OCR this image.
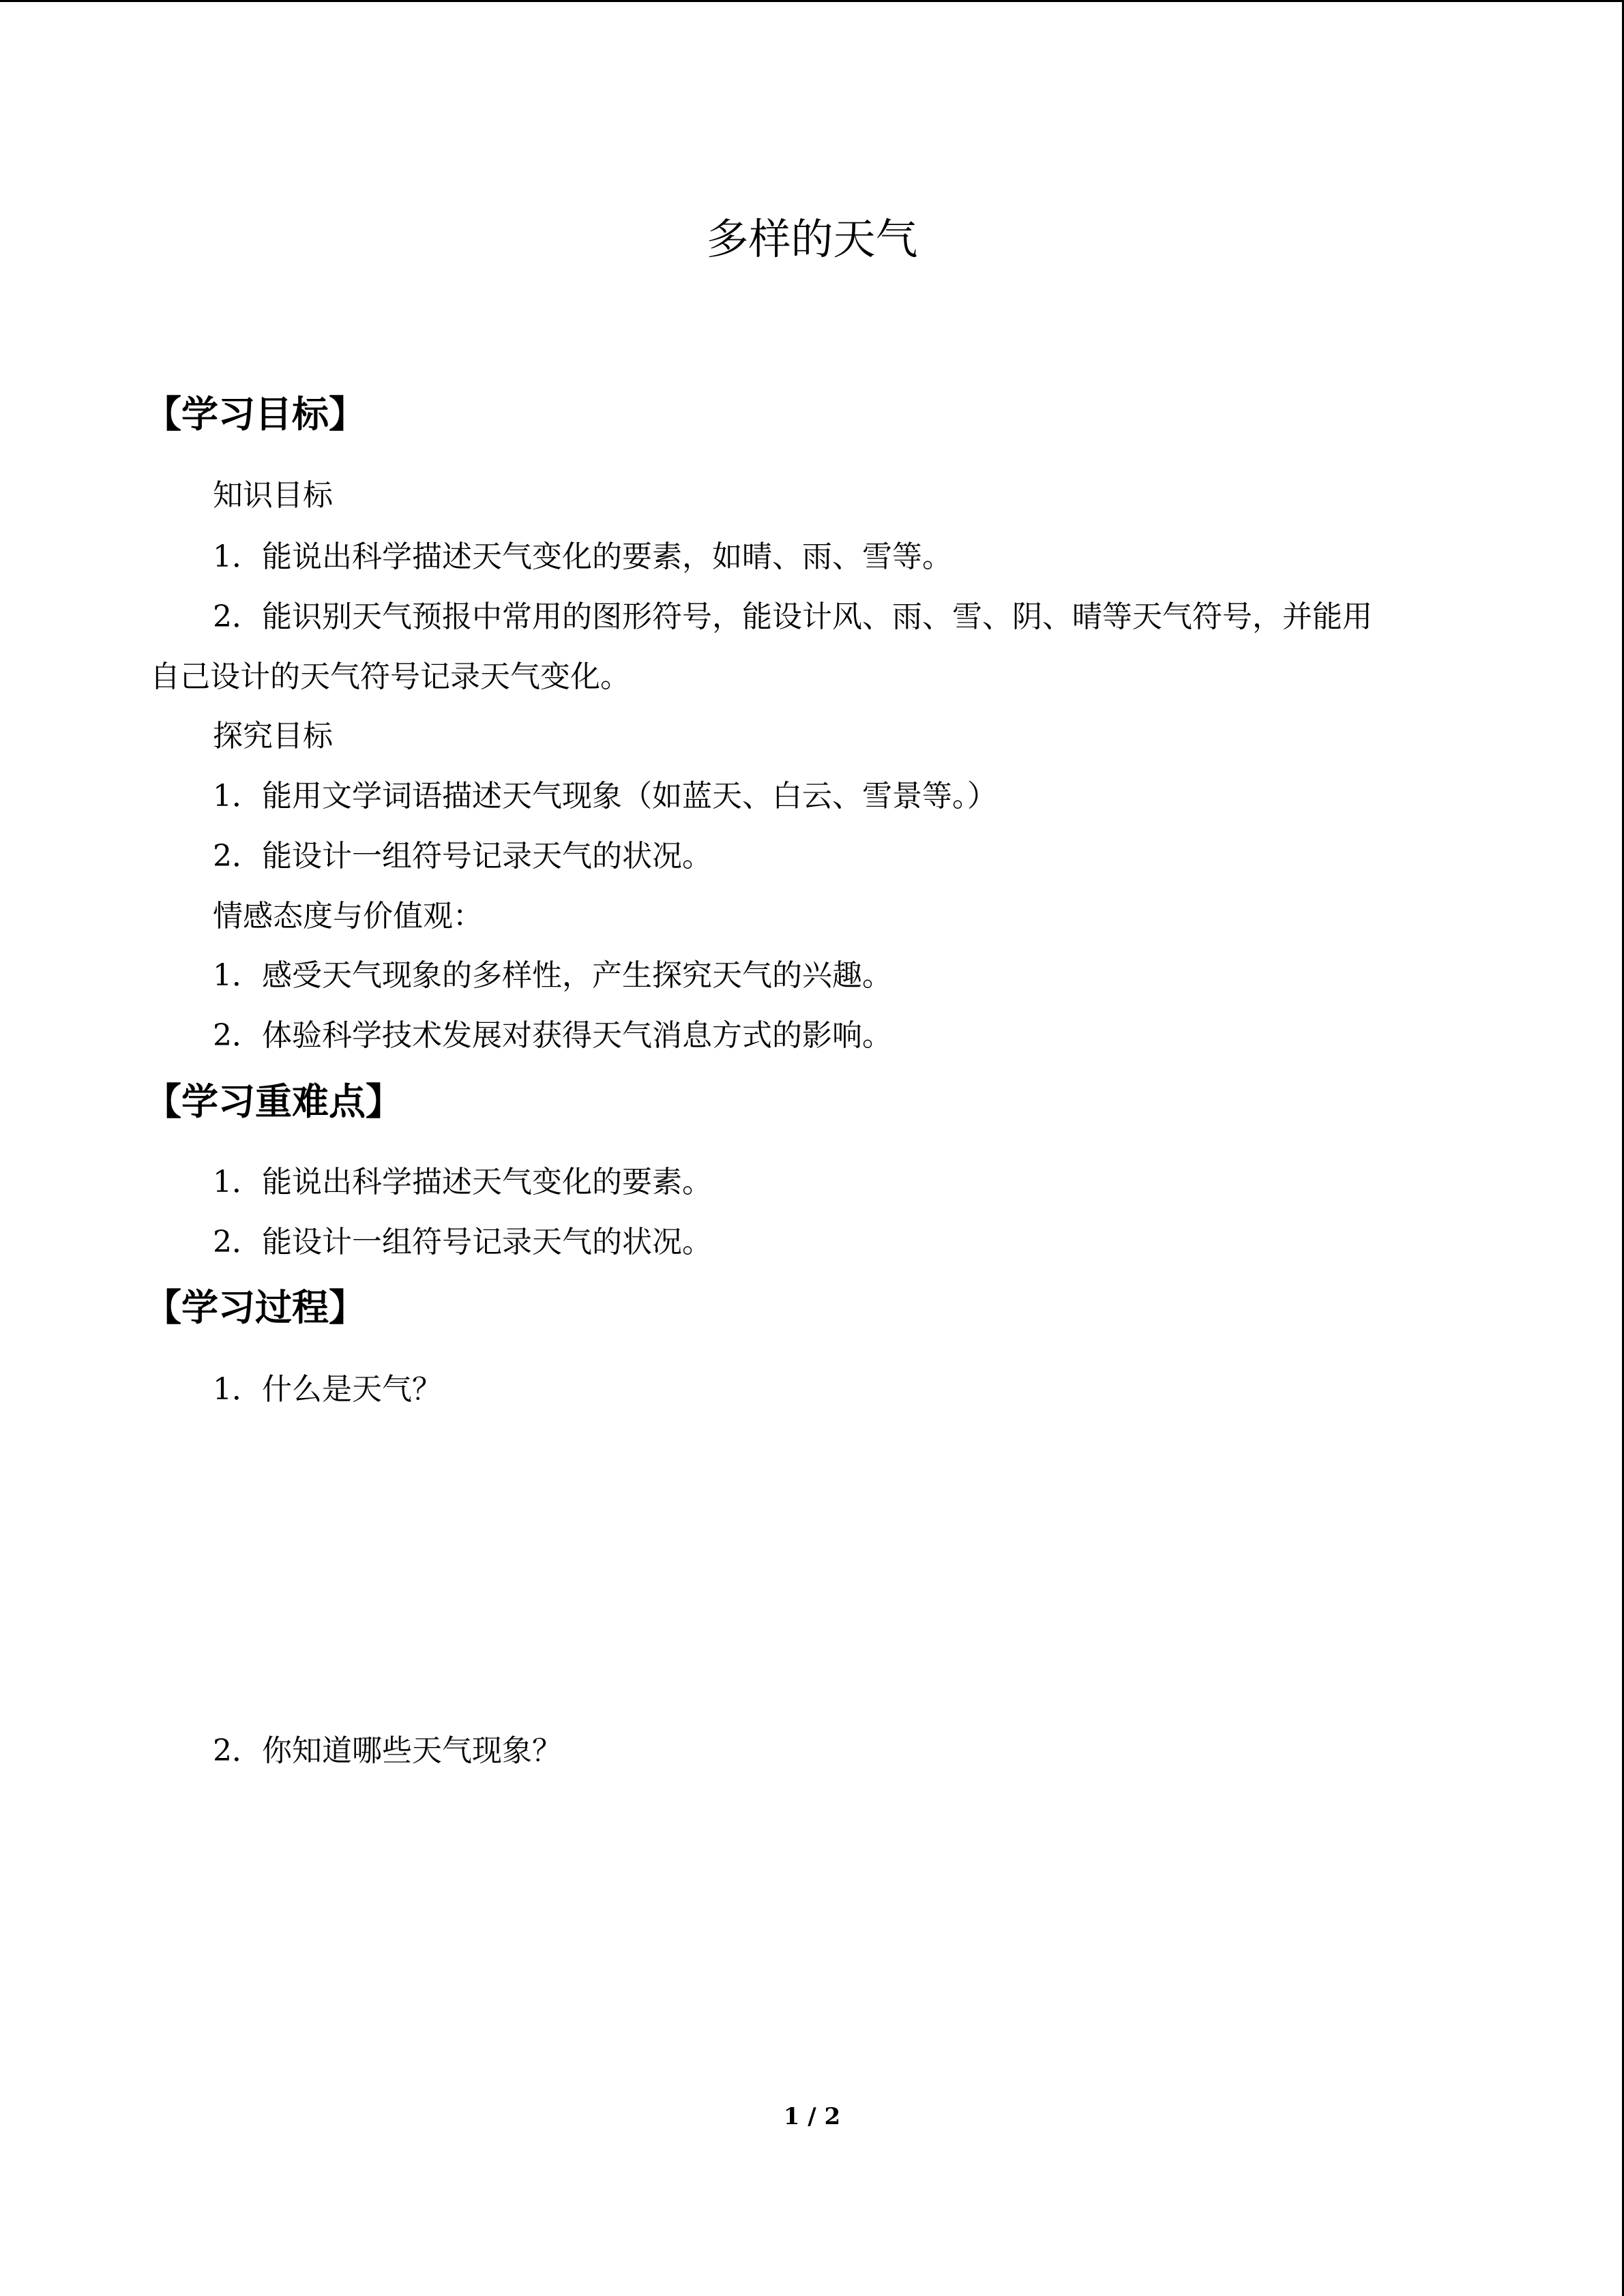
多样的天气
【学习目标】
知识目标
1．能说出科学描述天气变化的要素，如晴、雨、雪等。
2．能识别天气预报中常用的图形符号，能设计风、雨、雪、阴、晴等天气符号，并能用
自己设计的天气符号记录天气变化。
探究目标
1．能用文学词语描述天气现象（如蓝天、白云、雪景等。）
2．能设计一组符号记录天气的状况。
情感态度与价值观：
1．感受天气现象的多样性，产生探究天气的兴趣。
2．体验科学技术发展对获得天气消息方式的影响。
【学习重难点】
1．能说出科学描述天气变化的要素。
2．能设计一组符号记录天气的状况。
【学习过程】
1．什么是天气？
2．你知道哪些天气现象？
1 / 2
